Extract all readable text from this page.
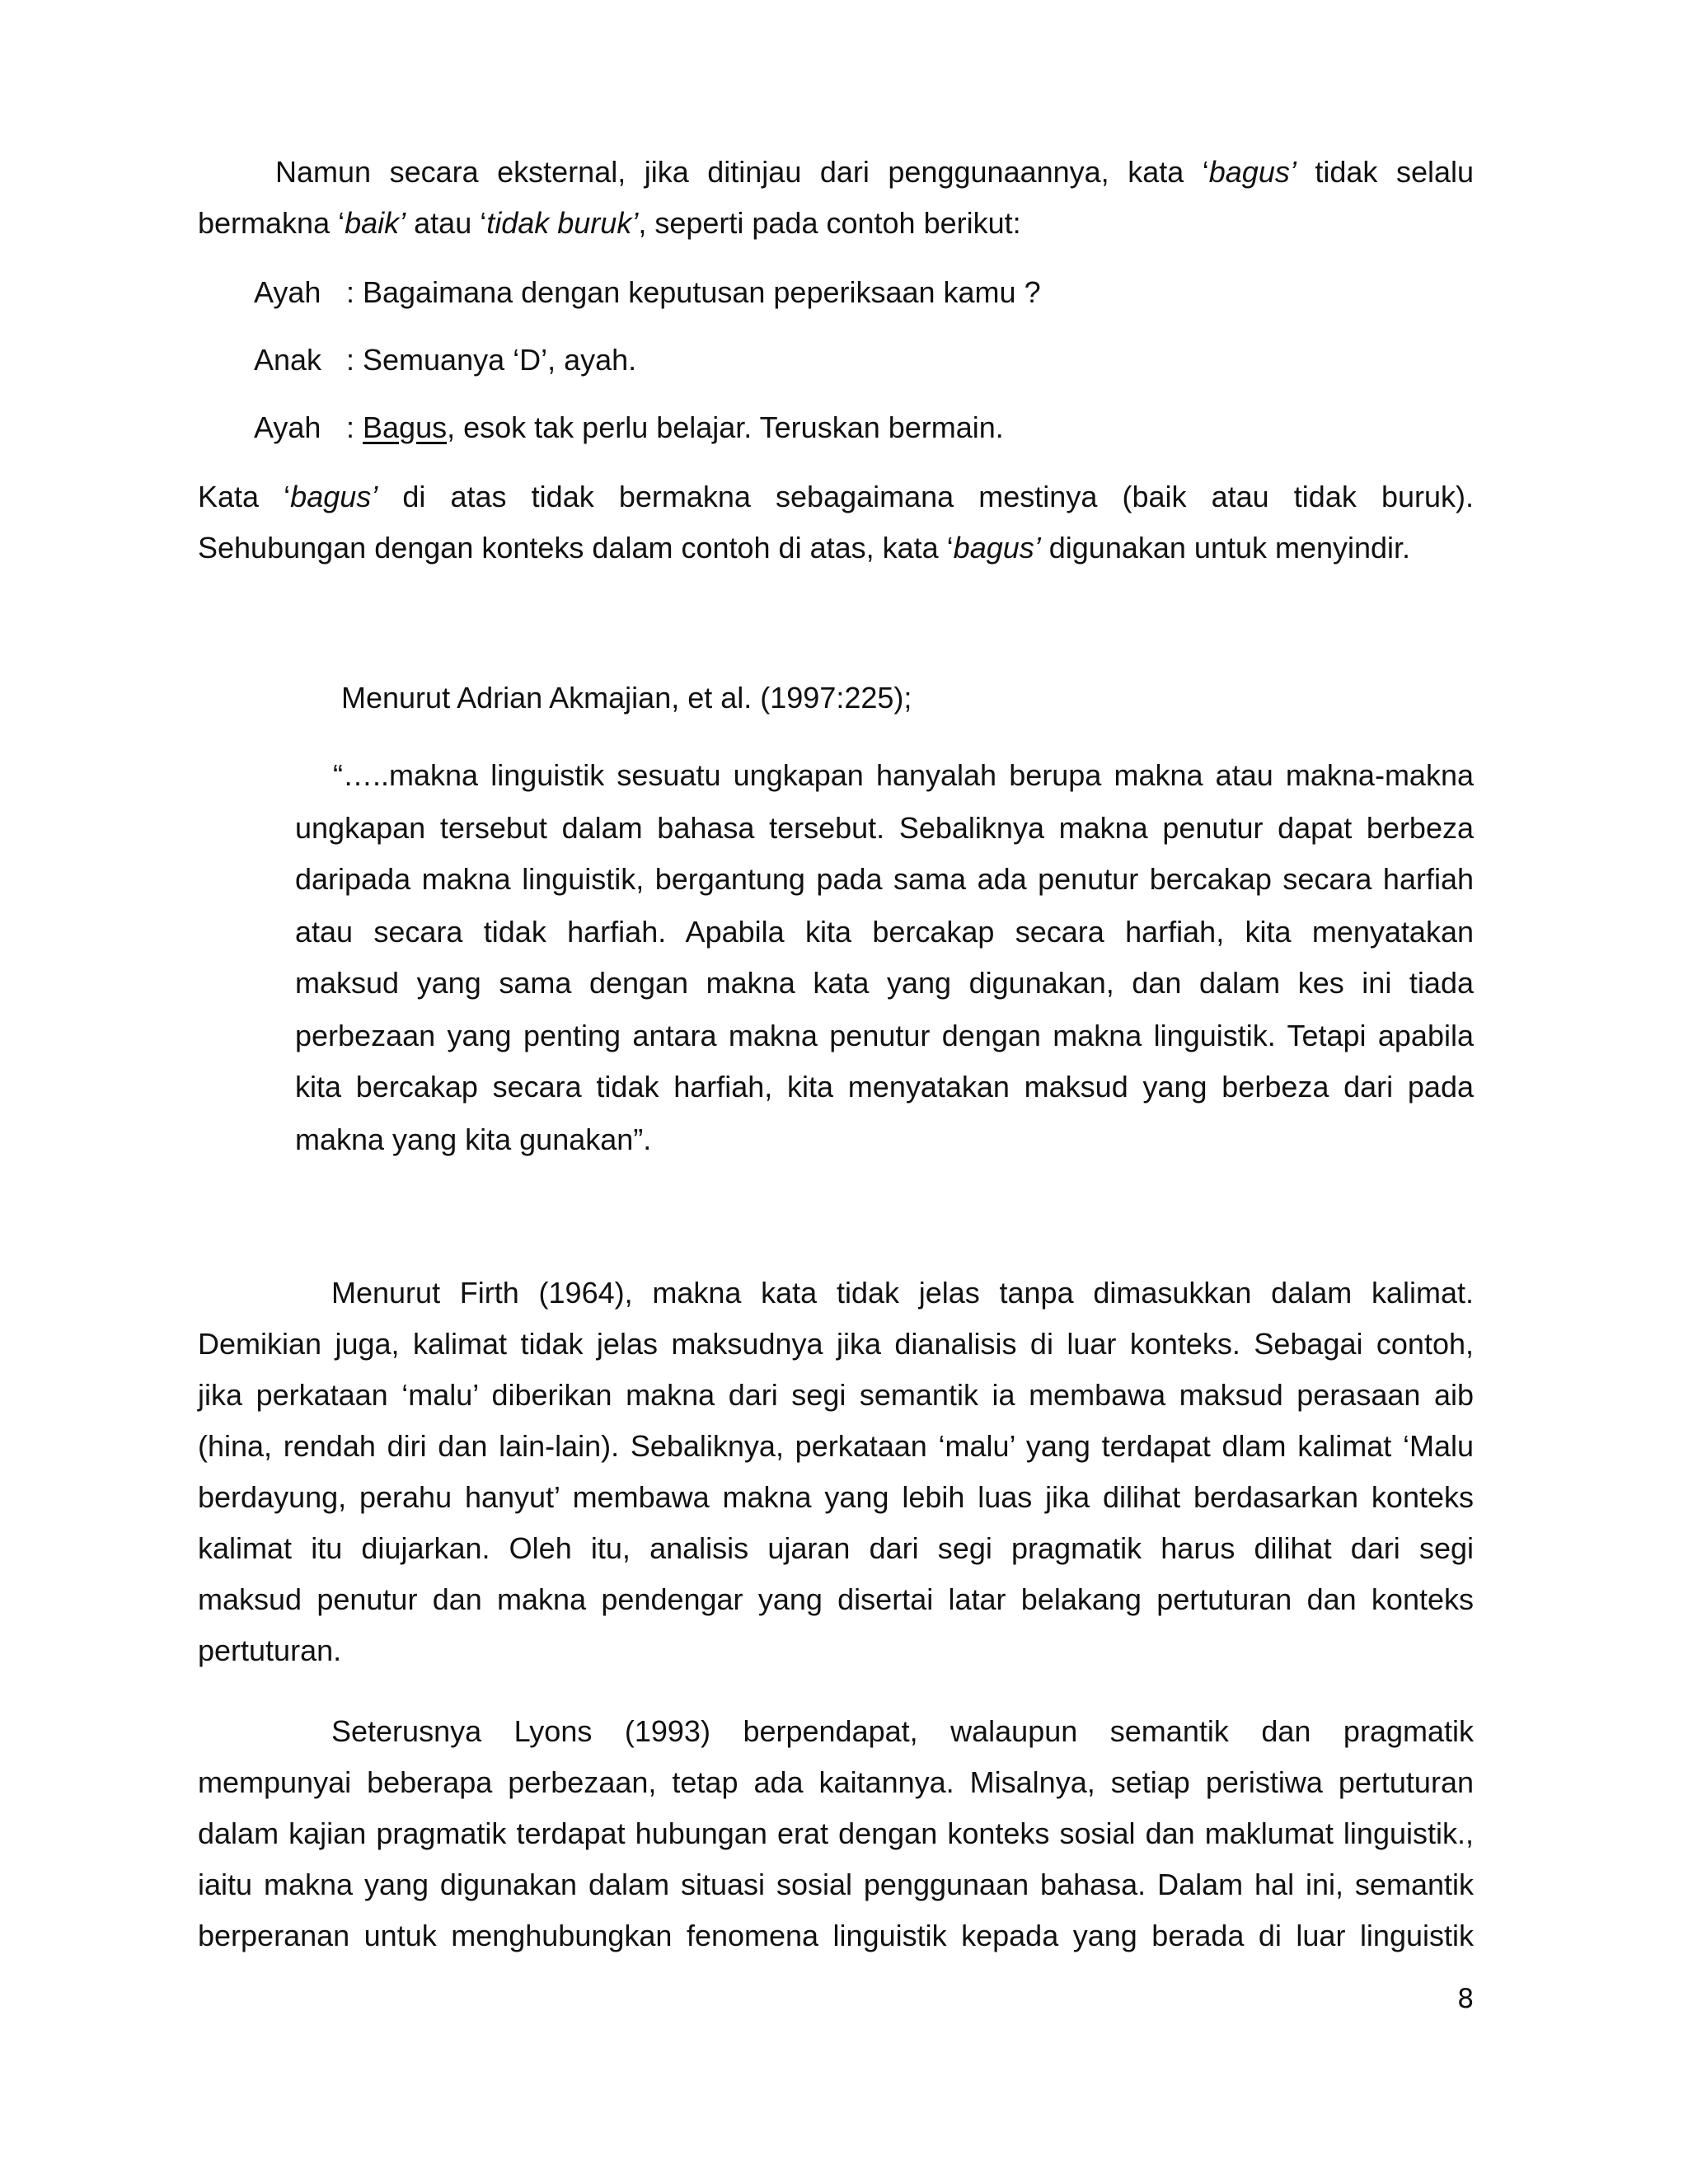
Namun secara eksternal, jika ditinjau dari penggunaannya, kata ‘bagus’ tidak selalu

bermakna ‘baik’ atau ‘tidak buruk’, seperti pada contoh berikut:

Ayah : Bagaimana dengan keputusan peperiksaan kamu ?

Anak : Semuanya ‘D’, ayah.

Ayah : Bagus, esok tak perlu belajar. Teruskan bermain.

Kata ‘bagus’ di atas tidak bermakna sebagaimana mestinya (baik atau tidak buruk).

Sehubungan dengan konteks dalam contoh di atas, kata ‘bagus’ digunakan untuk menyindir.

Menurut Adrian Akmajian, et al. (1997:225);

“…..makna linguistik sesuatu ungkapan hanyalah berupa makna atau makna-makna

ungkapan tersebut dalam bahasa tersebut. Sebaliknya makna penutur dapat berbeza

daripada makna linguistik, bergantung pada sama ada penutur bercakap secara harfiah

atau secara tidak harfiah. Apabila kita bercakap secara harfiah, kita menyatakan

maksud yang sama dengan makna kata yang digunakan, dan dalam kes ini tiada

perbezaan yang penting antara makna penutur dengan makna linguistik. Tetapi apabila

kita bercakap secara tidak harfiah, kita menyatakan maksud yang berbeza dari pada

makna yang kita gunakan”.

Menurut Firth (1964), makna kata tidak jelas tanpa dimasukkan dalam kalimat.

Demikian juga, kalimat tidak jelas maksudnya jika dianalisis di luar konteks. Sebagai contoh,

jika perkataan ‘malu’ diberikan makna dari segi semantik ia membawa maksud perasaan aib

(hina, rendah diri dan lain-lain). Sebaliknya, perkataan ‘malu’ yang terdapat dlam kalimat ‘Malu

berdayung, perahu hanyut’ membawa makna yang lebih luas jika dilihat berdasarkan konteks

kalimat itu diujarkan. Oleh itu, analisis ujaran dari segi pragmatik harus dilihat dari segi

maksud penutur dan makna pendengar yang disertai latar belakang pertuturan dan konteks

pertuturan.

Seterusnya Lyons (1993) berpendapat, walaupun semantik dan pragmatik

mempunyai beberapa perbezaan, tetap ada kaitannya. Misalnya, setiap peristiwa pertuturan

dalam kajian pragmatik terdapat hubungan erat dengan konteks sosial dan maklumat linguistik.,

iaitu makna yang digunakan dalam situasi sosial penggunaan bahasa. Dalam hal ini, semantik

berperanan untuk menghubungkan fenomena linguistik kepada yang berada di luar linguistik

8
